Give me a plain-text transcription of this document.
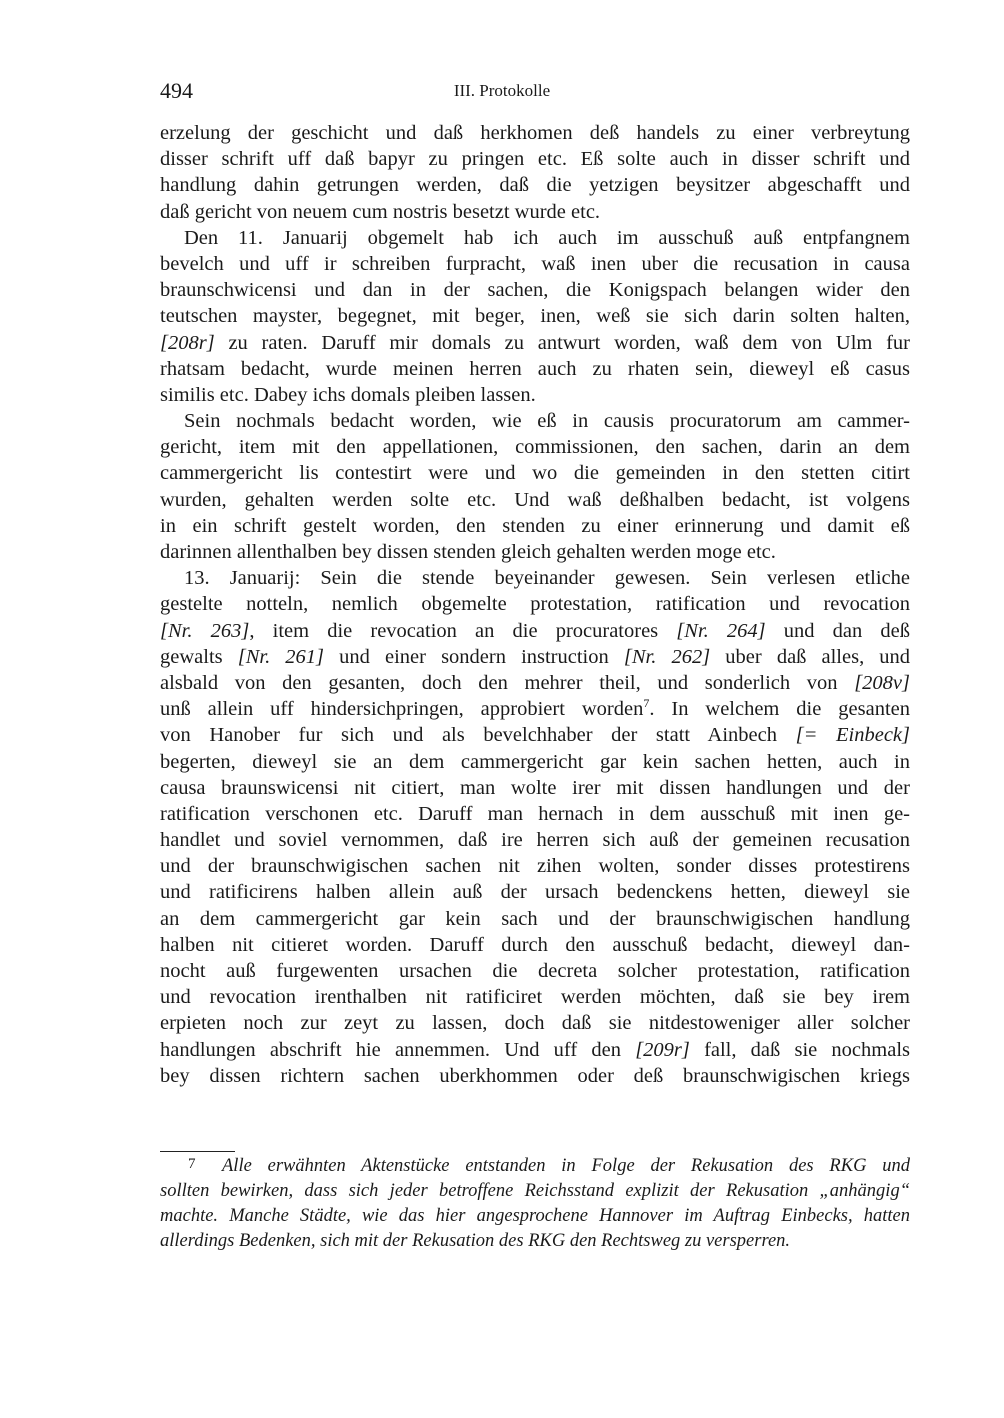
494	III. Protokolle
erzelung der geschicht und daß herkhomen deß handels zu einer verbreytung
disser schrift uff daß bapyr zu pringen etc. Eß solte auch in disser schrift und
handlung dahin getrungen werden, daß die yetzigen beysitzer abgeschafft und
daß gericht von neuem cum nostris besetzt wurde etc.
Den 11. Januarij obgemelt hab ich auch im ausschuß auß entpfangnem
bevelch und uff ir schreiben furpracht, waß inen uber die recusation in causa
braunschwicensi und dan in der sachen, die Konigspach belangen wider den
teutschen mayster, begegnet, mit beger, inen, weß sie sich darin solten halten,
[208r] zu raten. Daruff mir domals zu antwurt worden, waß dem von Ulm fur
rhatsam bedacht, wurde meinen herren auch zu rhaten sein, dieweyl eß casus
similis etc. Dabey ichs domals pleiben lassen.
Sein nochmals bedacht worden, wie eß in causis procuratorum am cammer-
gericht, item mit den appellationen, commissionen, den sachen, darin an dem
cammergericht lis contestirt were und wo die gemeinden in den stetten citirt
wurden, gehalten werden solte etc. Und waß deßhalben bedacht, ist volgens
in ein schrift gestelt worden, den stenden zu einer erinnerung und damit eß
darinnen allenthalben bey dissen stenden gleich gehalten werden moge etc.
13. Januarij: Sein die stende beyeinander gewesen. Sein verlesen etliche
gestelte notteln, nemlich obgemelte protestation, ratification und revocation
[Nr. 263], item die revocation an die procuratores [Nr. 264] und dan deß
gewalts [Nr. 261] und einer sondern instruction [Nr. 262] uber daß alles, und
alsbald von den gesanten, doch den mehrer theil, und sonderlich von [208v]
unß allein uff hindersichpringen, approbiert worden$^7$. In welchem die gesanten
von Hanober fur sich und als bevelchhaber der statt Ainbech [= Einbeck]
begerten, dieweyl sie an dem cammergericht gar kein sachen hetten, auch in
causa braunswicensi nit citiert, man wolte irer mit dissen handlungen und der
ratification verschonen etc. Daruff man hernach in dem ausschuß mit inen ge-
handlet und soviel vernommen, daß ire herren sich auß der gemeinen recusation
und der braunschwigischen sachen nit zihen wolten, sonder disses protestirens
und ratificirens halben allein auß der ursach bedenckens hetten, dieweyl sie
an dem cammergericht gar kein sach und der braunschwigischen handlung
halben nit citieret worden. Daruff durch den ausschuß bedacht, dieweyl dan-
nocht auß furgewenten ursachen die decreta solcher protestation, ratification
und revocation irenthalben nit ratificiret werden möchten, daß sie bey irem
erpieten noch zur zeyt zu lassen, doch daß sie nitdestoweniger aller solcher
handlungen abschrift hie annemmen. Und uff den [209r] fall, daß sie nochmals
bey dissen richtern sachen uberkhommen oder deß braunschwigischen kriegs
7 Alle erwähnten Aktenstücke entstanden in Folge der Rekusation des RKG und
sollten bewirken, dass sich jeder betroffene Reichsstand explizit der Rekusation „anhängig“
machte. Manche Städte, wie das hier angesprochene Hannover im Auftrag Einbecks, hatten
allerdings Bedenken, sich mit der Rekusation des RKG den Rechtsweg zu versperren.
